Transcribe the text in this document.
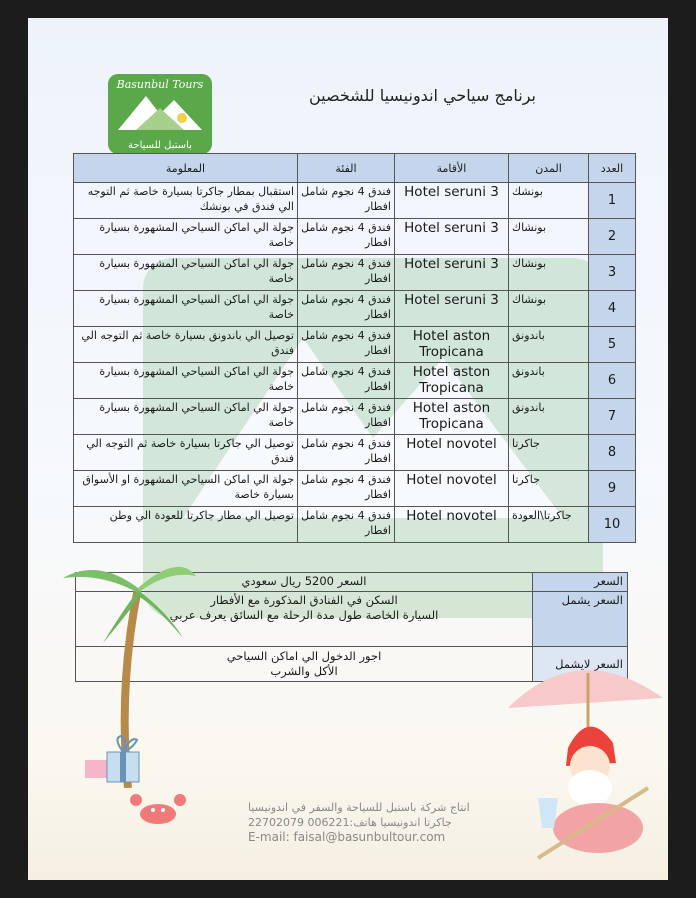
Basunbul Tours
باستبل للسياحة
برنامج سياحي اندونيسيا للشخصين
العدد	المدن	الأقامة	الفئة	المعلومة
1	بونشك	Hotel seruni 3	فندق 4 نجوم شامل افطار	استقبال بمطار جاكرتا بسيارة خاصة ثم التوجه الي فندق في بونشك
2	بونشاك	Hotel seruni 3	فندق 4 نجوم شامل افطار	جولة الي اماكن السياحي المشهورة بسيارة خاصة
3	بونشاك	Hotel seruni 3	فندق 4 نجوم شامل افطار	جولة الي اماكن السياحي المشهورة بسيارة خاصة
4	بونشاك	Hotel seruni 3	فندق 4 نجوم شامل افطار	جولة الي اماكن السياحي المشهورة بسيارة خاصة
5	باندونق	Hotel aston Tropicana	فندق 4 نجوم شامل افطار	توصيل الي باندونق بسيارة خاصة ثم التوجه الي فندق
6	باندونق	Hotel aston Tropicana	فندق 4 نجوم شامل افطار	جولة الي اماكن السياحي المشهورة بسيارة خاصة
7	باندونق	Hotel aston Tropicana	فندق 4 نجوم شامل افطار	جولة الي اماكن السياحي المشهورة بسيارة خاصة
8	جاكرتا	Hotel novotel	فندق 4 نجوم شامل افطار	توصيل الي جاكرتا بسيارة خاصة ثم التوجه الي فندق
9	جاكرتا	Hotel novotel	فندق 4 نجوم شامل افطار	جولة الي اماكن السياحي المشهورة او الأسواق بسيارة خاصة
10	جاكرتا\العودة	Hotel novotel	فندق 4 نجوم شامل افطار	توصيل الي مطار جاكرتا للعودة الي وطن
السعر	السعر 5200 ريال سعودي
السعر يشمل	السكن في الفنادق المذكورة مع الأفطار
السيارة الخاصة طول مدة الرحلة مع السائق يعرف عربي

السعر لايشمل	اجور الدخول الي اماكن السياحي
الأكل والشرب
انتاج شركة باستبل للسياحة والسفر في اندونيسيا
جاكرتا اندونيسيا هاتف:006221 22702079
E-mail: faisal@basunbultour.com
